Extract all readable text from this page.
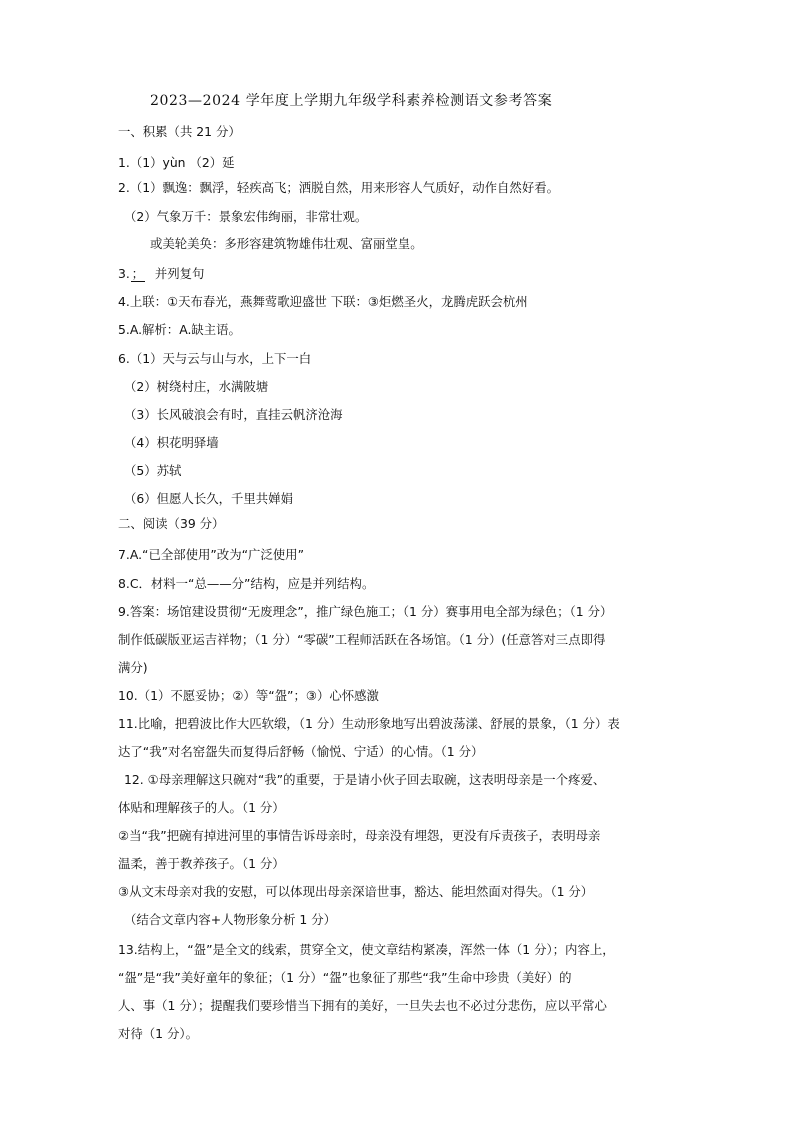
2023—2024 学年度上学期九年级学科素养检测语文参考答案
一、积累（共 21 分）
1.（1）yùn （2）延
2.（1）飘逸：飘浮，轻疾高飞；洒脱自然，用来形容人气质好，动作自然好看。
（2）气象万千：景象宏伟绚丽，非常壮观。
或美轮美奂：多形容建筑物雄伟壮观、富丽堂皇。
3. ； 并列复句
4.上联：①天布春光，燕舞莺歌迎盛世 下联：③炬燃圣火，龙腾虎跃会杭州
5.A.解析：A.缺主语。
6.（1）天与云与山与水，上下一白
（2）树绕村庄，水满陂塘
（3）长风破浪会有时，直挂云帆济沧海
（4）枳花明驿墙
（5）苏轼
（6）但愿人长久，千里共婵娟
二、阅读（39 分）
7.A.“已全部使用”改为“广泛使用”
8.C．材料一“总——分”结构，应是并列结构。
9.答案：场馆建设贯彻“无废理念”，推广绿色施工；（1 分）赛事用电全部为绿色；（1 分）
制作低碳版亚运吉祥物；（1 分）“零碳”工程师活跃在各场馆。（1 分）(任意答对三点即得
满分)
10.（1）不愿妥协；②）等“盌”；③）心怀感激
11.比喻，把碧波比作大匹软缎，（1 分）生动形象地写出碧波荡漾、舒展的景象，（1 分）表
达了“我”对名窑盌失而复得后舒畅（愉悦、宁适）的心情。（1 分）
12. ①母亲理解这只碗对“我”的重要，于是请小伙子回去取碗，这表明母亲是一个疼爱、
体贴和理解孩子的人。（1 分）
②当“我”把碗有掉进河里的事情告诉母亲时，母亲没有埋怨，更没有斥责孩子，表明母亲
温柔，善于教养孩子。（1 分）
③从文末母亲对我的安慰，可以体现出母亲深谙世事，豁达、能坦然面对得失。（1 分）
（结合文章内容+人物形象分析 1 分）
13.结构上，“盌”是全文的线索，贯穿全文，使文章结构紧凑，浑然一体（1 分）；内容上，
“盌”是“我”美好童年的象征；（1 分）“盌”也象征了那些“我”生命中珍贵（美好）的
人、事（1 分）；提醒我们要珍惜当下拥有的美好，一旦失去也不必过分悲伤，应以平常心
对待（1 分）。
